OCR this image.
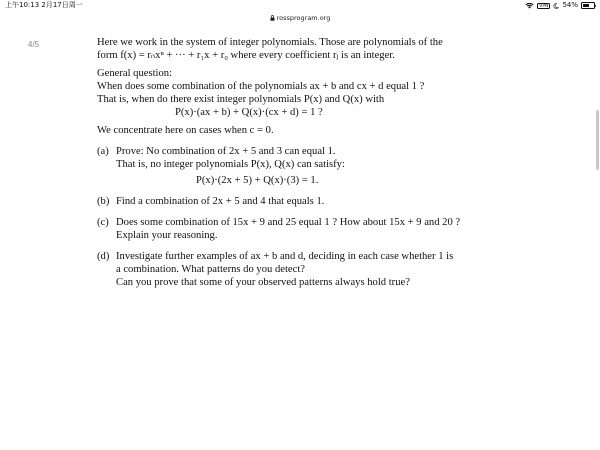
上午10:13 2月17日周一	VPN 54%
rossprogram.org
4/5	Here we work in the system of integer polynomials. Those are polynomials of the

form f(x) = rₙxⁿ + ··· + r₁x + r₀ where every coefficient rⱼ is an integer.

General question:

When does some combination of the polynomials ax + b and cx + d equal 1 ?

That is, when do there exist integer polynomials P(x) and Q(x) with

P(x)·(ax + b) + Q(x)·(cx + d) = 1 ?

We concentrate here on cases when c = 0.

(a) Prove: No combination of 2x + 5 and 3 can equal 1.

That is, no integer polynomials P(x), Q(x) can satisfy:

P(x)·(2x + 5) + Q(x)·(3) = 1.

(b) Find a combination of 2x + 5 and 4 that equals 1.

(c) Does some combination of 15x + 9 and 25 equal 1 ? How about 15x + 9 and 20 ?

Explain your reasoning.

(d) Investigate further examples of ax + b and d, deciding in each case whether 1 is

a combination. What patterns do you detect?

Can you prove that some of your observed patterns always hold true?
